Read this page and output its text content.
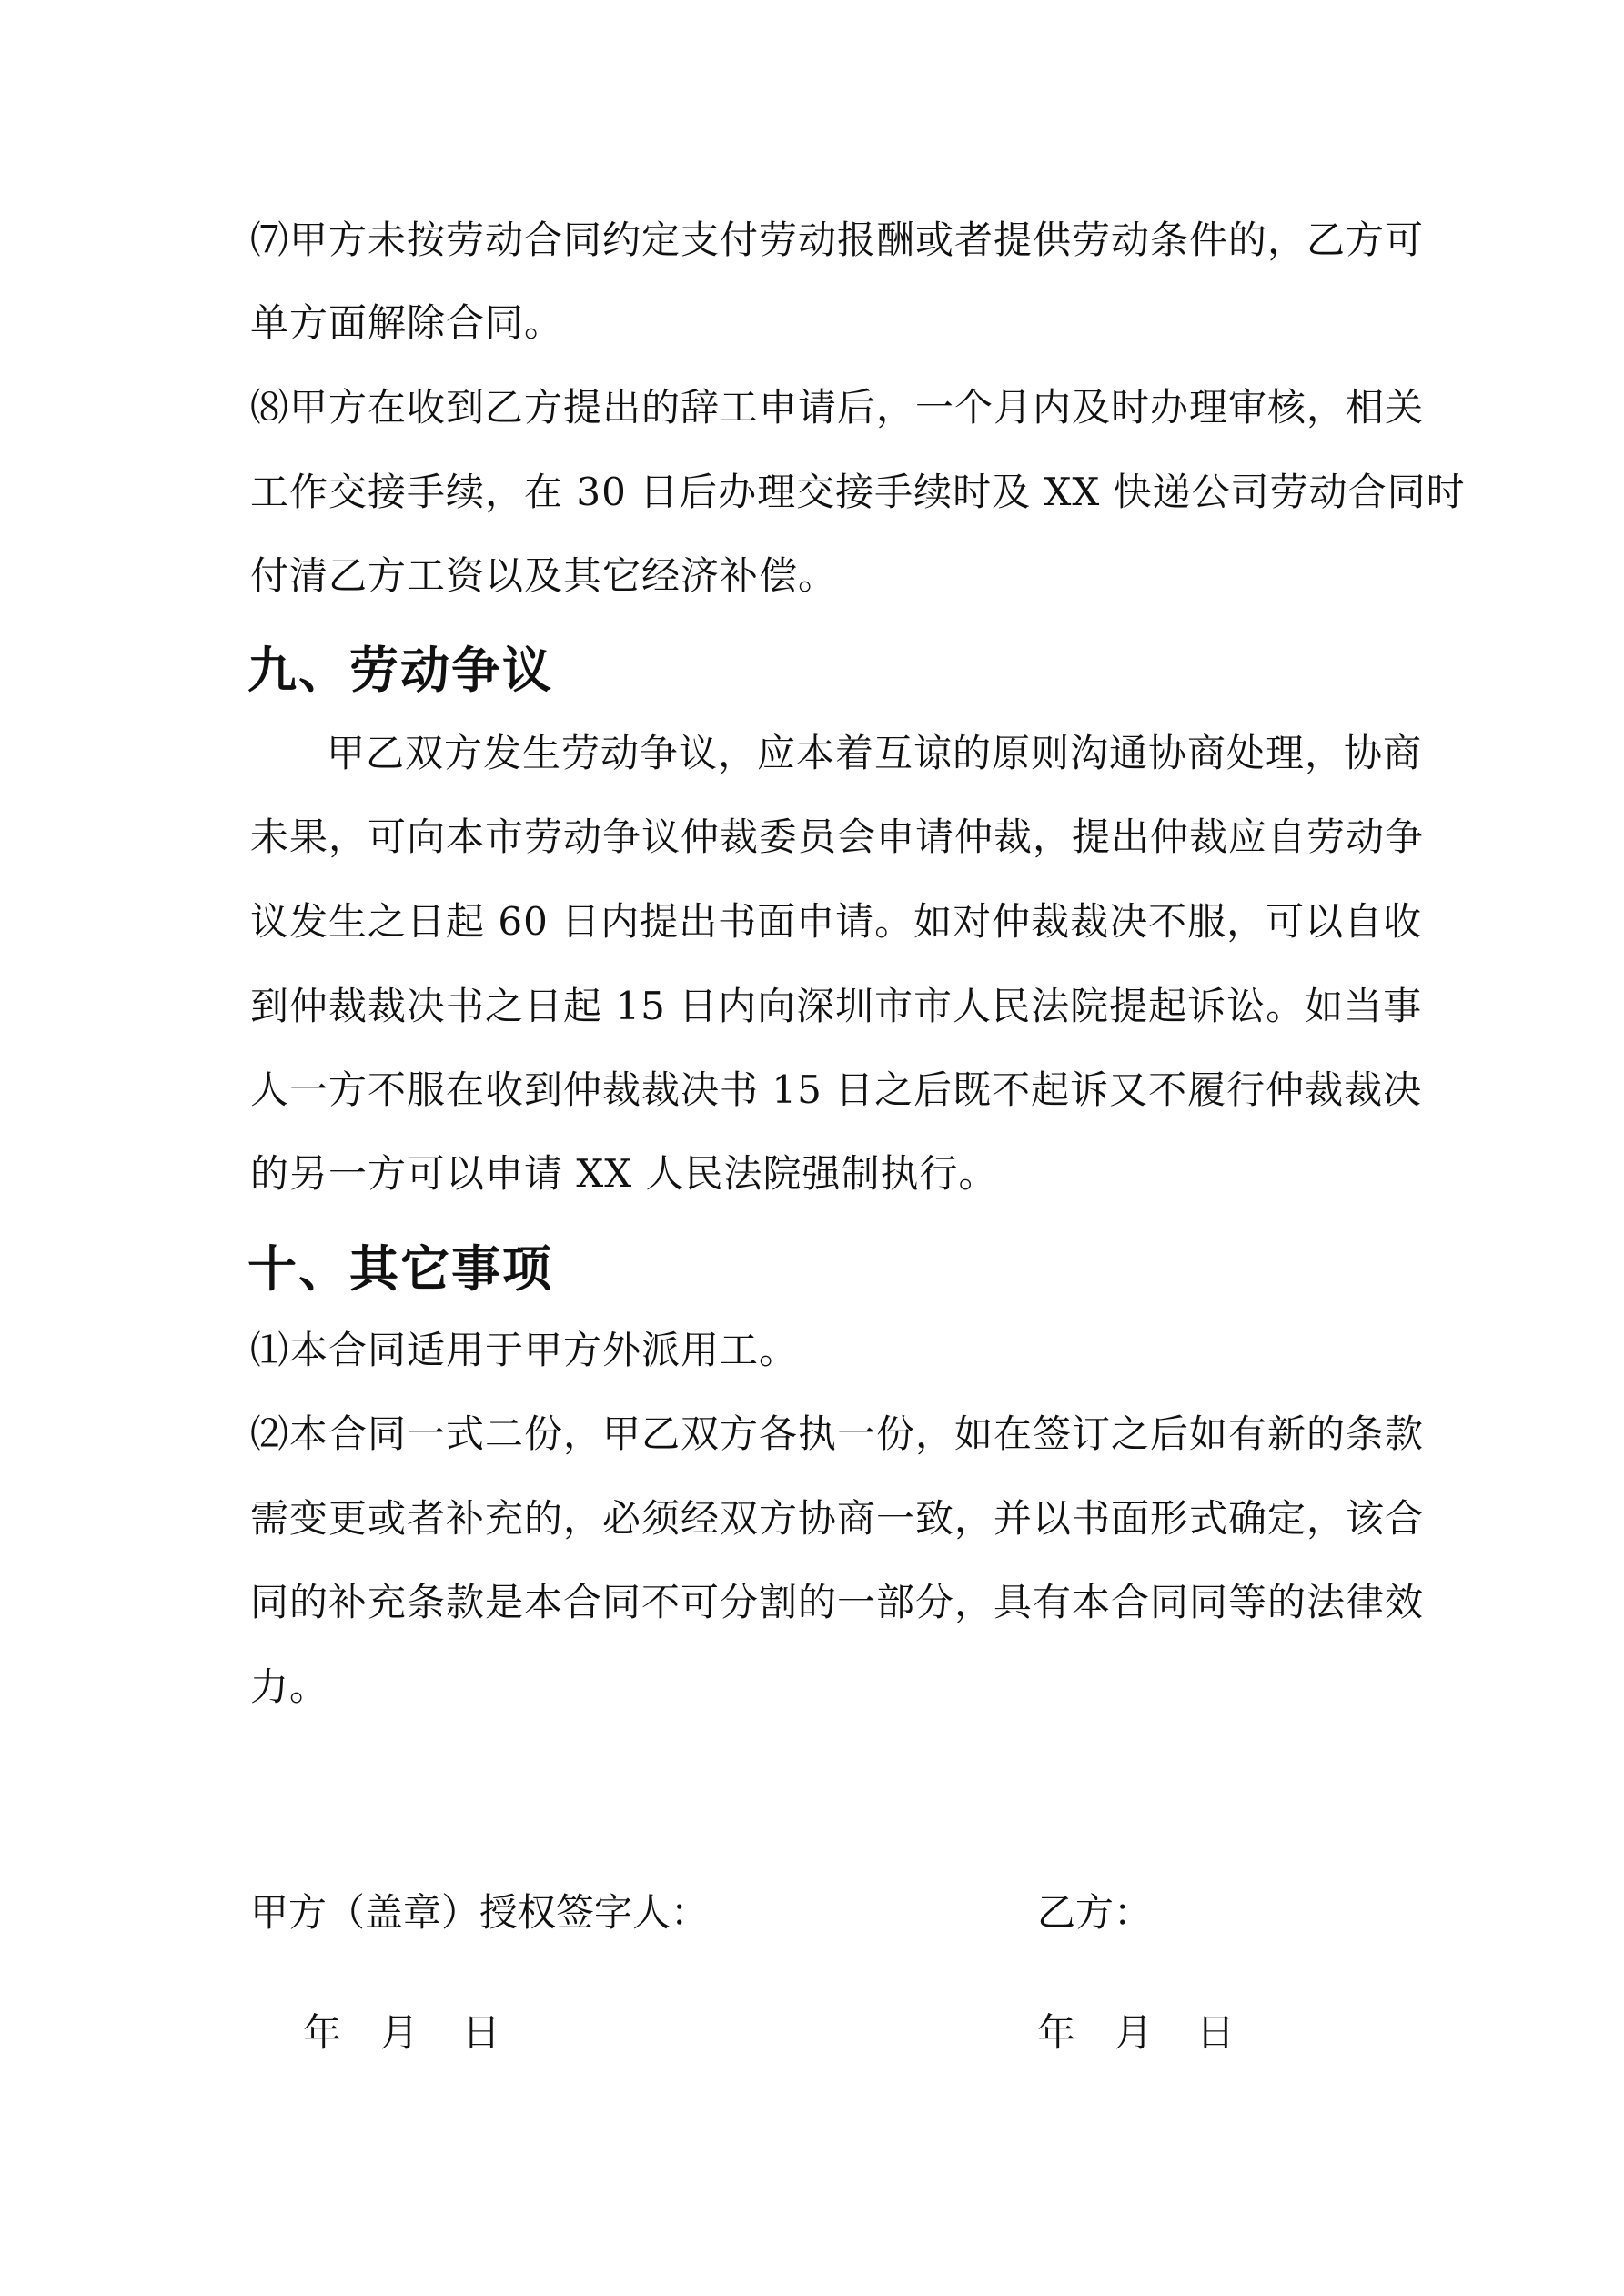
⑺甲方未按劳动合同约定支付劳动报酬或者提供劳动条件的，乙方可
单方面解除合同。
⑻甲方在收到乙方提出的辞工申请后，一个月内及时办理审核，相关
工作交接手续，在 30 日后办理交接手续时及 XX 快递公司劳动合同时
付清乙方工资以及其它经济补偿。
九、劳动争议
甲乙双方发生劳动争议，应本着互谅的原则沟通协商处理，协商
未果，可向本市劳动争议仲裁委员会申请仲裁，提出仲裁应自劳动争
议发生之日起 60 日内提出书面申请。如对仲裁裁决不服，可以自收
到仲裁裁决书之日起 15 日内向深圳市市人民法院提起诉讼。如当事
人一方不服在收到仲裁裁决书 15 日之后既不起诉又不履行仲裁裁决
的另一方可以申请 XX 人民法院强制执行。
十、其它事项
⑴本合同适用于甲方外派用工。
⑵本合同一式二份，甲乙双方各执一份，如在签订之后如有新的条款
需变更或者补充的，必须经双方协商一致，并以书面形式确定，该合
同的补充条款是本合同不可分割的一部分，具有本合同同等的法律效
力。
甲方（盖章）授权签字人：	乙方：
年 月 日	年 月 日
